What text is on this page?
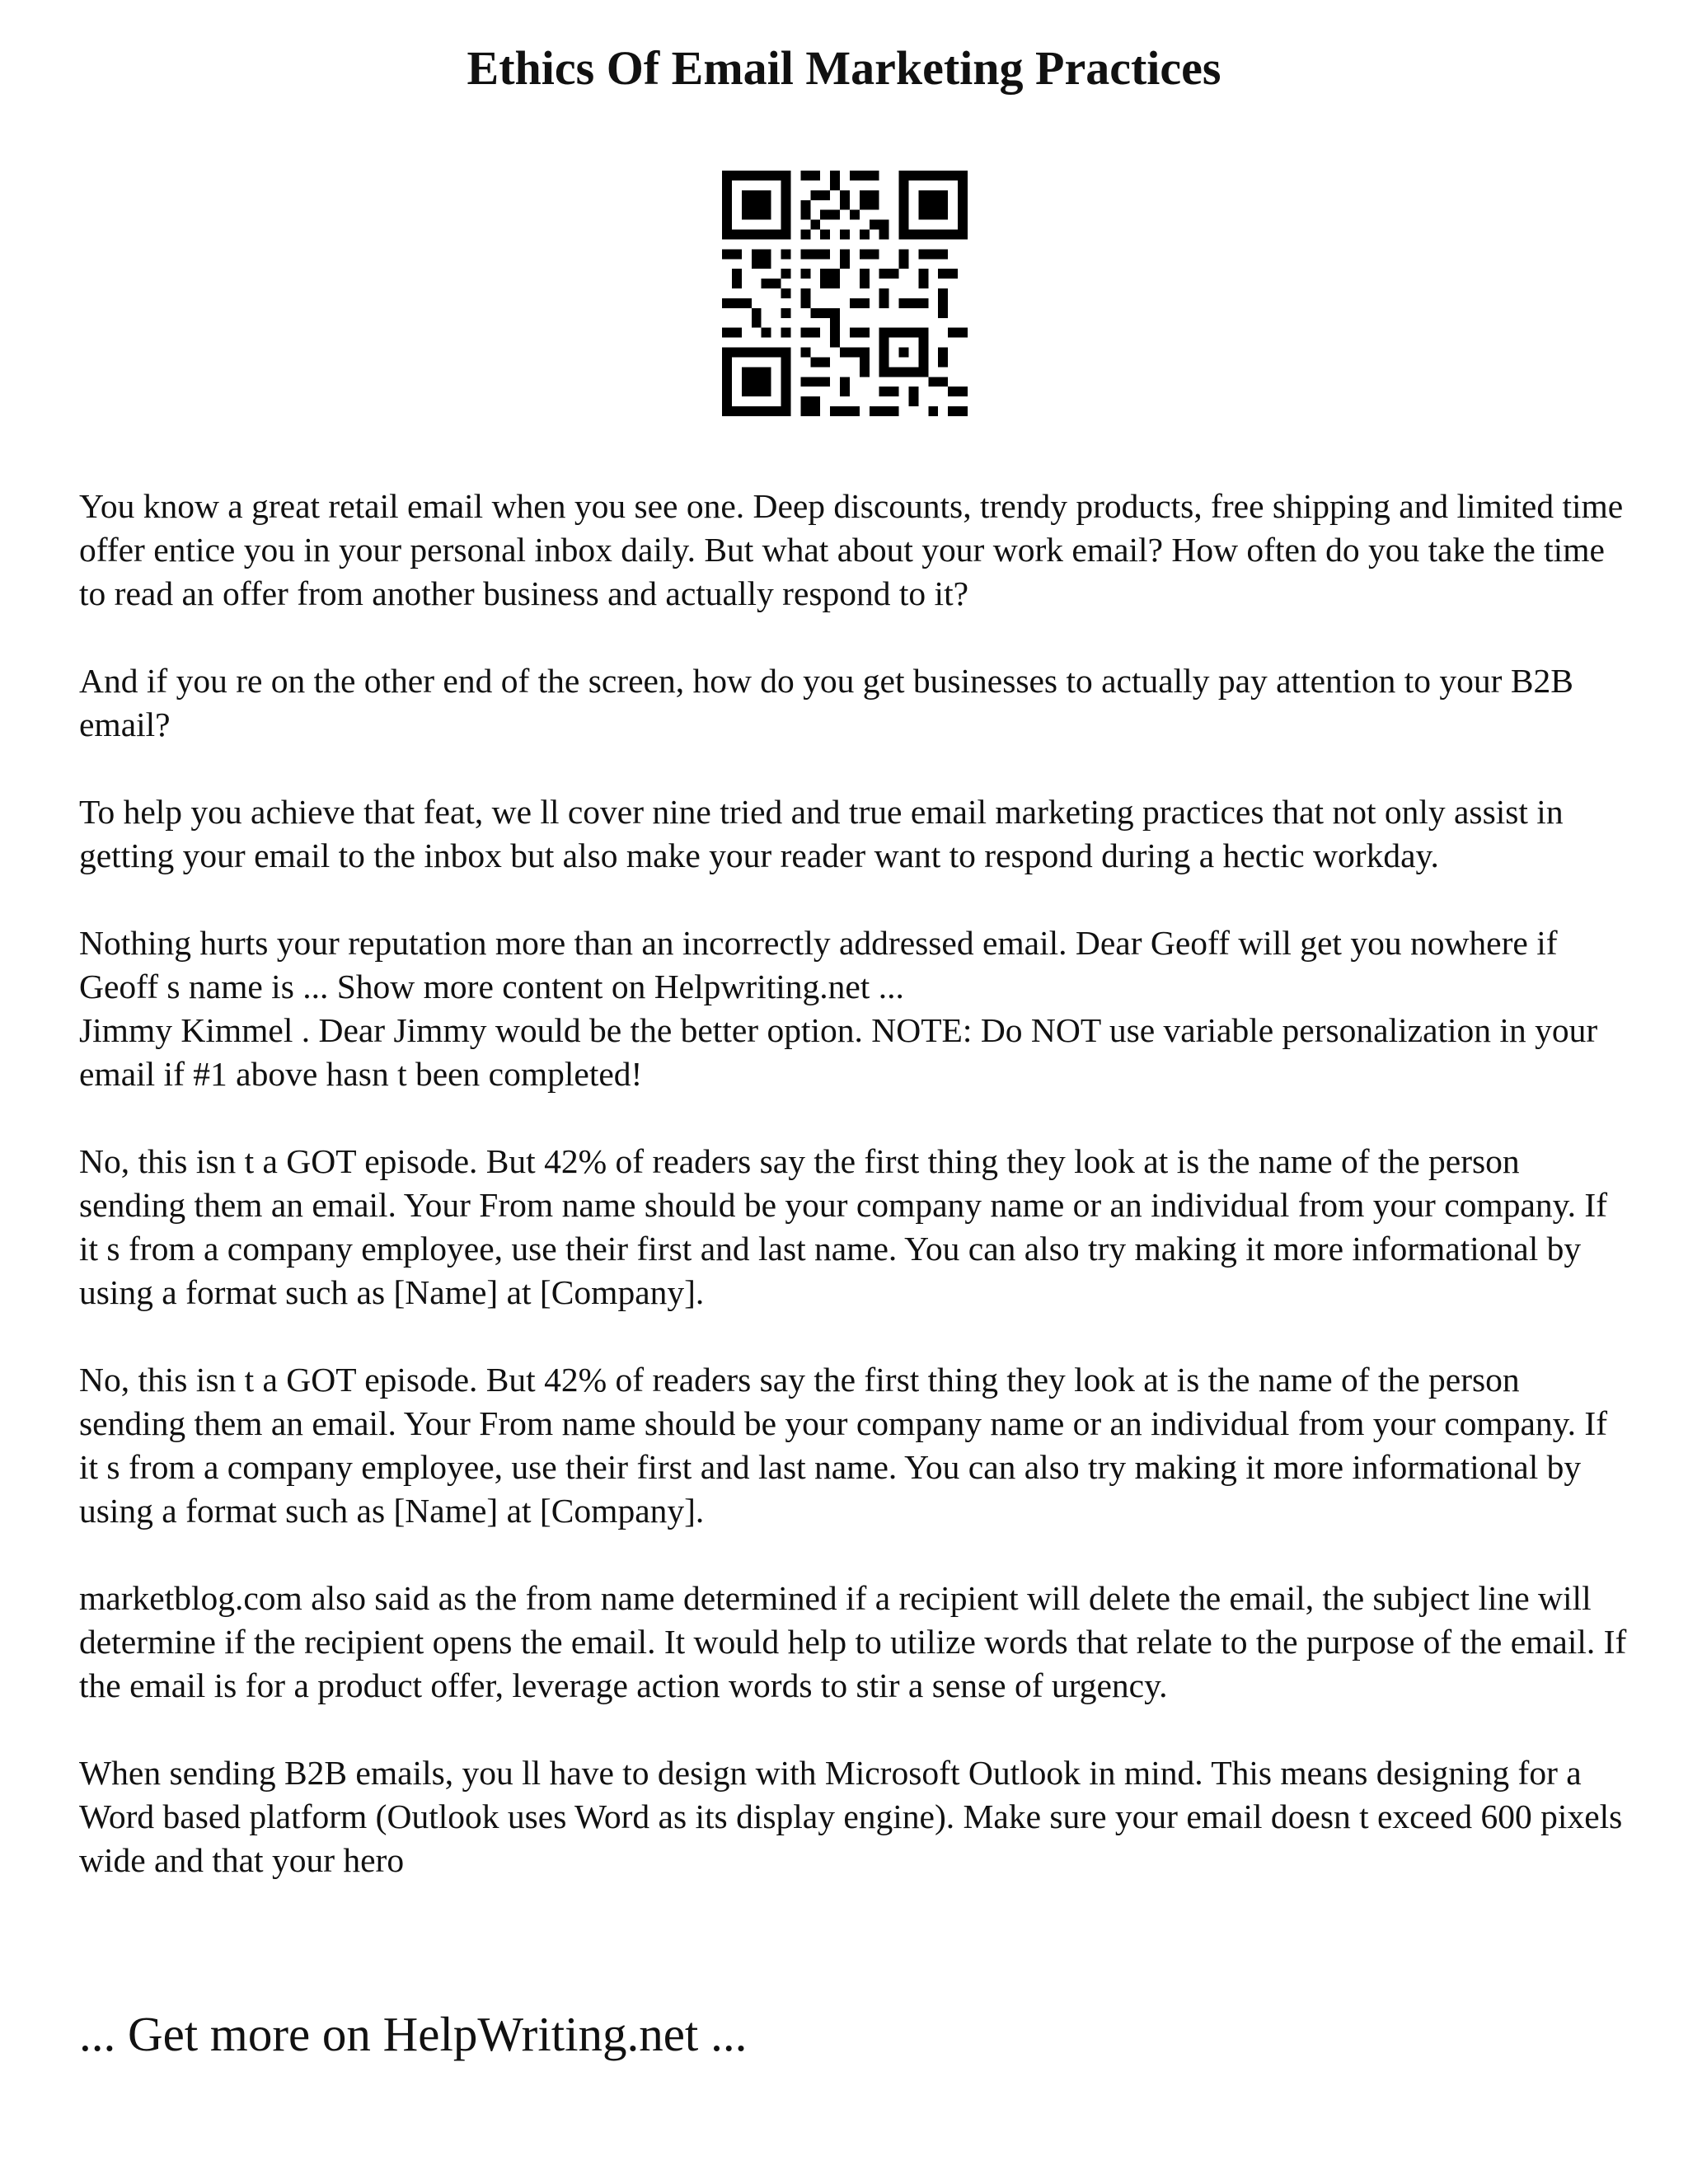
Ethics Of Email Marketing Practices

You know a great retail email when you see one. Deep discounts, trendy products, free shipping and limited time offer entice you in your personal inbox daily. But what about your work email? How often do you take the time to read an offer from another business and actually respond to it?

And if you re on the other end of the screen, how do you get businesses to actually pay attention to your B2B email?

To help you achieve that feat, we ll cover nine tried and true email marketing practices that not only assist in getting your email to the inbox but also make your reader want to respond during a hectic workday.

Nothing hurts your reputation more than an incorrectly addressed email. Dear Geoff will get you nowhere if Geoff s name is ... Show more content on Helpwriting.net ...

Jimmy Kimmel . Dear Jimmy would be the better option. NOTE: Do NOT use variable personalization in your email if #1 above hasn t been completed!

No, this isn t a GOT episode. But 42% of readers say the first thing they look at is the name of the person sending them an email. Your From name should be your company name or an individual from your company. If it s from a company employee, use their first and last name. You can also try making it more informational by using a format such as [Name] at [Company].

No, this isn t a GOT episode. But 42% of readers say the first thing they look at is the name of the person sending them an email. Your From name should be your company name or an individual from your company. If it s from a company employee, use their first and last name. You can also try making it more informational by using a format such as [Name] at [Company].

marketblog.com also said as the from name determined if a recipient will delete the email, the subject line will determine if the recipient opens the email. It would help to utilize words that relate to the purpose of the email. If the email is for a product offer, leverage action words to stir a sense of urgency.

When sending B2B emails, you ll have to design with Microsoft Outlook in mind. This means designing for a Word based platform (Outlook uses Word as its display engine). Make sure your email doesn t exceed 600 pixels wide and that your hero

... Get more on HelpWriting.net ...
